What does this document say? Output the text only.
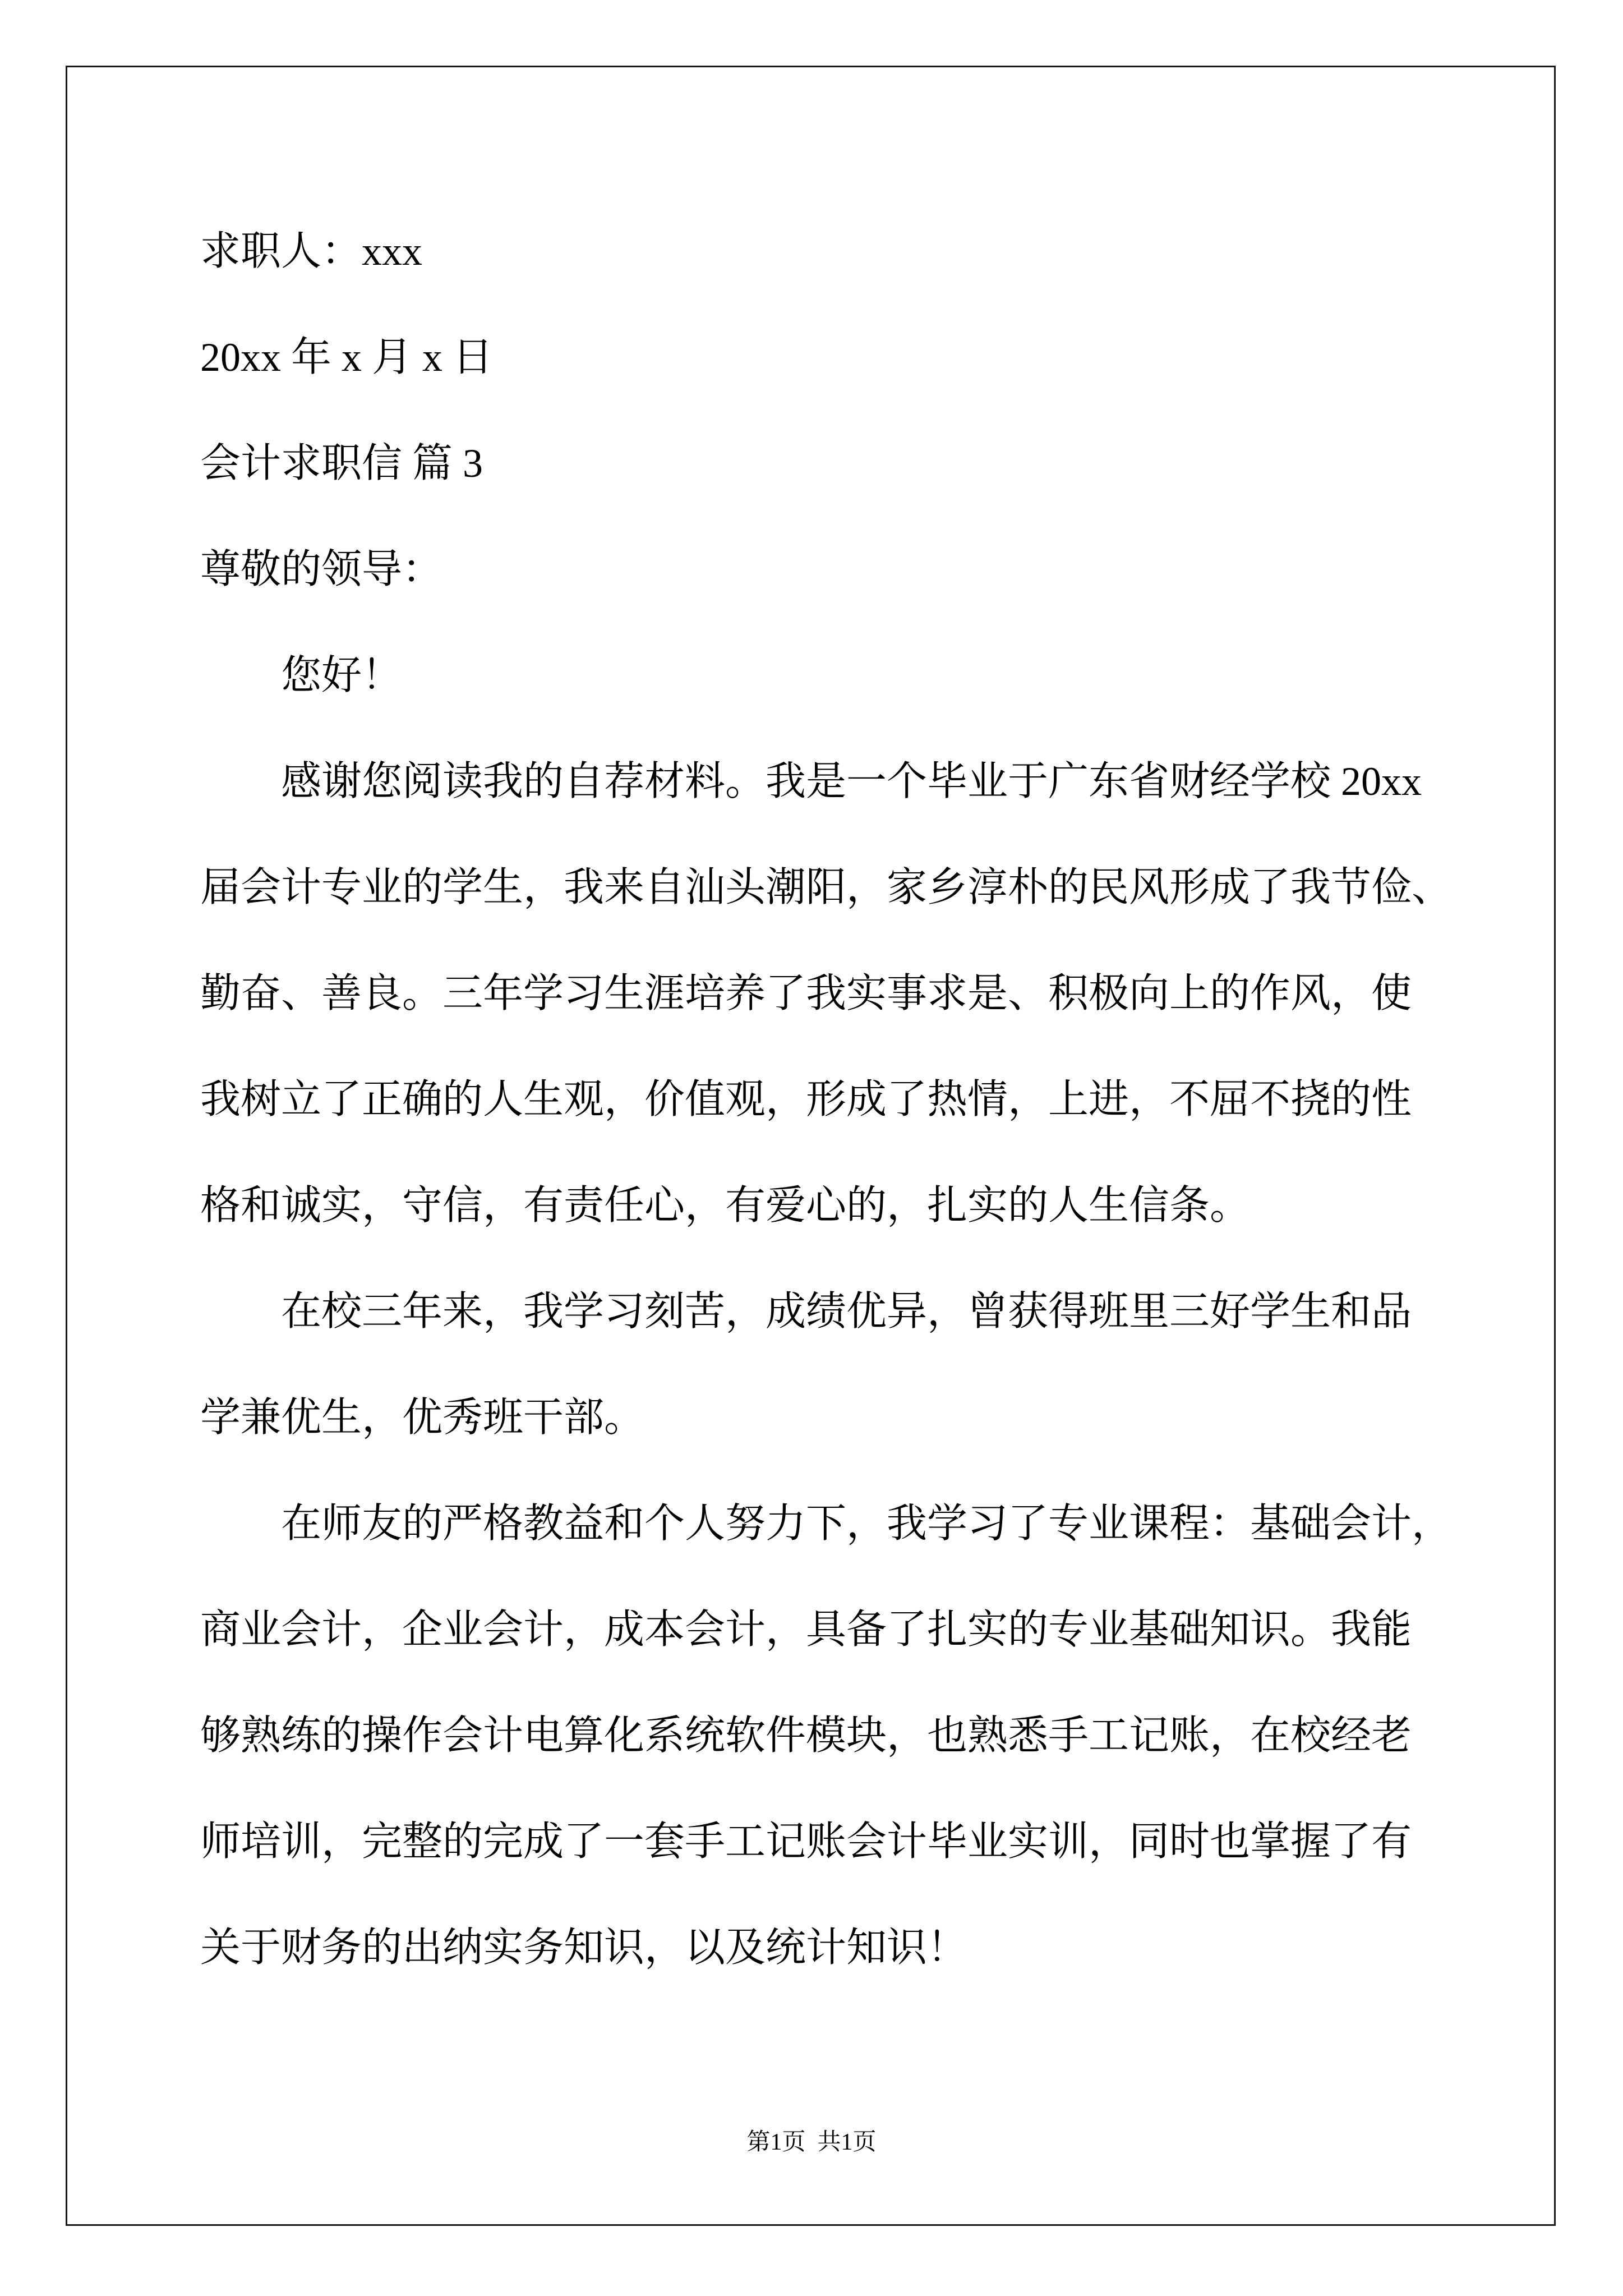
求职人：xxx
20xx 年 x 月 x 日
会计求职信 篇 3
尊敬的领导：
您好！
感谢您阅读我的自荐材料。我是一个毕业于广东省财经学校 20xx
届会计专业的学生，我来自汕头潮阳，家乡淳朴的民风形成了我节俭、
勤奋、善良。三年学习生涯培养了我实事求是、积极向上的作风，使
我树立了正确的人生观，价值观，形成了热情，上进，不屈不挠的性
格和诚实，守信，有责任心，有爱心的，扎实的人生信条。
在校三年来，我学习刻苦，成绩优异，曾获得班里三好学生和品
学兼优生，优秀班干部。
在师友的严格教益和个人努力下，我学习了专业课程：基础会计，
商业会计，企业会计，成本会计，具备了扎实的专业基础知识。我能
够熟练的操作会计电算化系统软件模块，也熟悉手工记账，在校经老
师培训，完整的完成了一套手工记账会计毕业实训，同时也掌握了有
关于财务的出纳实务知识，以及统计知识！
第1页  共1页
